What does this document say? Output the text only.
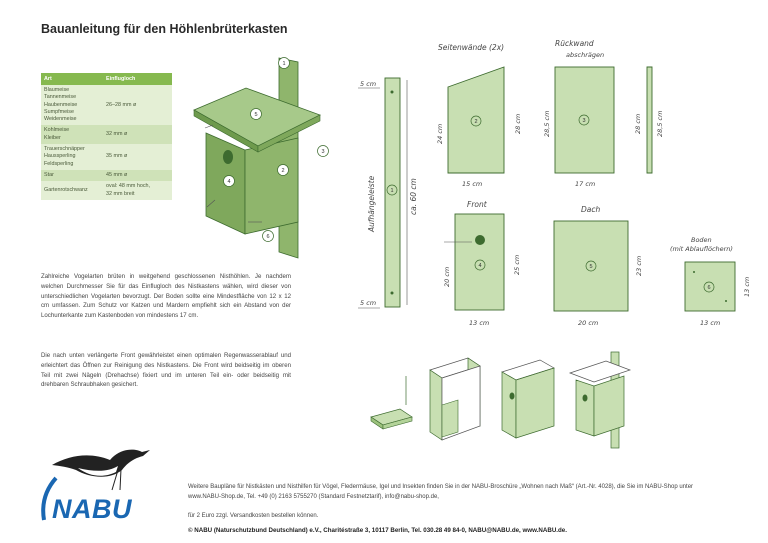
Bauanleitung für den Höhlenbrüterkasten
Art	Einflugloch

Blaumeise
Tannenmeise
Haubenmeise
Sumpfmeise
Weidenmeise	26–28 mm ø

Kohlmeise
Kleiber	32 mm ø

Trauerschnäpper
Haussperling
Feldsperling	35 mm ø
Star	45 mm ø
Gartenrotschwanz	oval: 48 mm hoch,
32 mm breit

Zahlreiche Vogelarten brüten in weitgehend geschlossenen Nisthöhlen. Je nachdem welchen Durchmesser Sie für das Einflugloch des Nistkastens wählen, wird dieser von unterschiedlichen Vogelarten bevorzugt. Der Boden sollte eine Mindestfläche von 12 x 12 cm umfassen. Zum Schutz vor Katzen und Mardern empfiehlt sich ein Abstand von der Lochunterkante zum Kastenboden von mindestens 17 cm.

Die nach unten verlängerte Front gewährleistet einen optimalen Regenwasserablauf und erleichtert das Öffnen zur Reinigung des Nistkastens. Die Front wird beidseitig im oberen Teil mit zwei Nägeln (Drehachse) fixiert und im unteren Teil ein- oder beidseitig mit drehbaren Schraubhaken gesichert.

1
5
3
2
4
6
1
5 cm
5 cm
Aufhängeleiste	ca. 60 cm
Seitenwände (2x)
2
24 cm	28 cm
15 cm
Rückwand
abschrägen
3
28,5 cm
17 cm
28 cm 28,5 cm
Front
4
20 cm
25 cm
13 cm
Dach
5	23 cm
20 cm
Boden
(mit Ablauflöchern)
6	13 cm
13 cm
NABU
Weitere Baupläne für Nistkästen und Nisthilfen für Vögel, Fledermäuse, Igel und Insekten finden Sie in der NABU-Broschüre „Wohnen nach Maß“ (Art.-Nr. 4028), die Sie im NABU-Shop unter www.NABU-Shop.de, Tel. +49 (0) 2163 5755270 (Standard Festnetztarif), info@nabu-shop.de,
für 2 Euro zzgl. Versandkosten bestellen können.
© NABU (Naturschutzbund Deutschland) e.V., Charitéstraße 3, 10117 Berlin, Tel. 030.28 49 84-0, NABU@NABU.de, www.NABU.de.
